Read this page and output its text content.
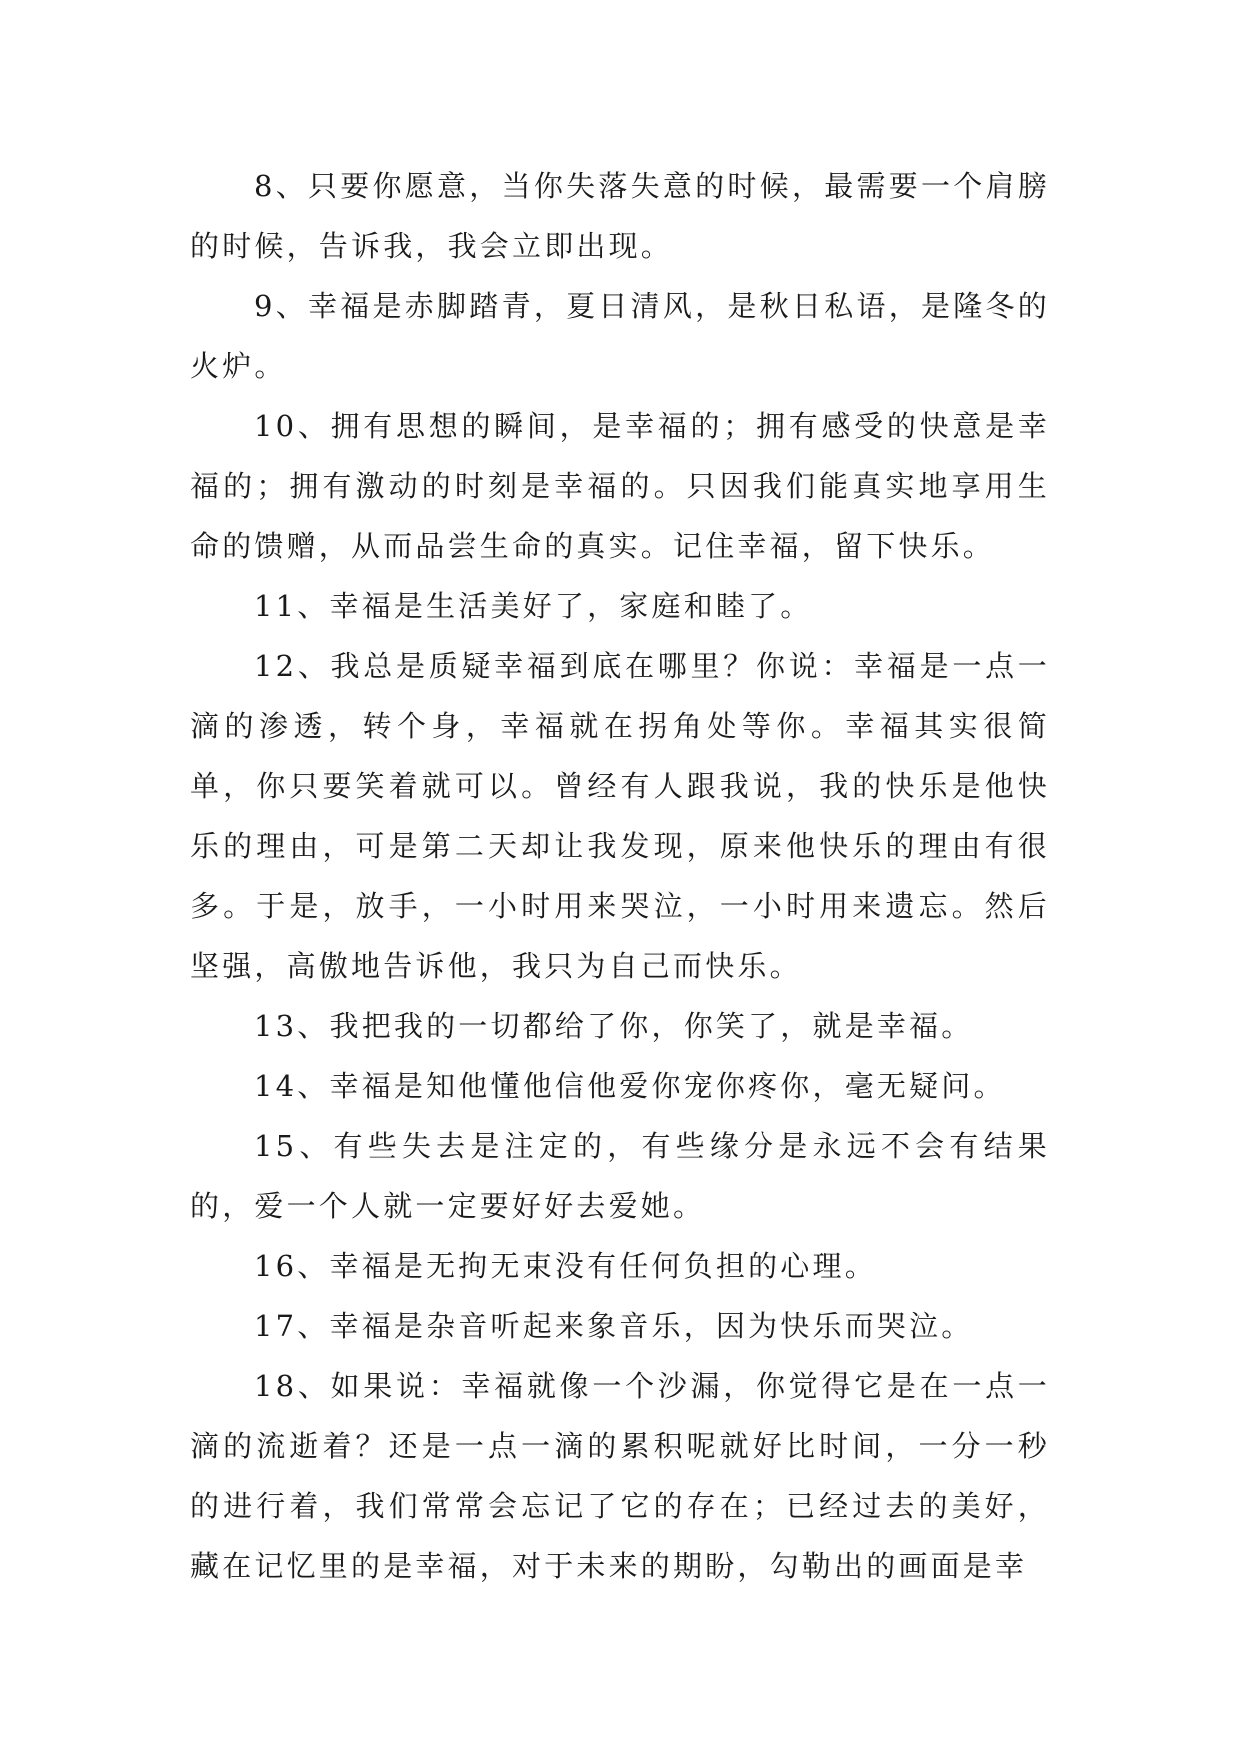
8、只要你愿意，当你失落失意的时候，最需要一个肩膀的时候，告诉我，我会立即出现。

9、幸福是赤脚踏青，夏日清风，是秋日私语，是隆冬的火炉。

10、拥有思想的瞬间，是幸福的；拥有感受的快意是幸福的；拥有激动的时刻是幸福的。只因我们能真实地享用生命的馈赠，从而品尝生命的真实。记住幸福，留下快乐。

11、幸福是生活美好了，家庭和睦了。

12、我总是质疑幸福到底在哪里？你说：幸福是一点一滴的渗透，转个身，幸福就在拐角处等你。幸福其实很简单，你只要笑着就可以。曾经有人跟我说，我的快乐是他快乐的理由，可是第二天却让我发现，原来他快乐的理由有很多。于是，放手，一小时用来哭泣，一小时用来遗忘。然后坚强，高傲地告诉他，我只为自己而快乐。

13、我把我的一切都给了你，你笑了，就是幸福。

14、幸福是知他懂他信他爱你宠你疼你，毫无疑问。

15、有些失去是注定的，有些缘分是永远不会有结果的，爱一个人就一定要好好去爱她。

16、幸福是无拘无束没有任何负担的心理。

17、幸福是杂音听起来象音乐，因为快乐而哭泣。

18、如果说：幸福就像一个沙漏，你觉得它是在一点一滴的流逝着？还是一点一滴的累积呢就好比时间，一分一秒的进行着，我们常常会忘记了它的存在；已经过去的美好，藏在记忆里的是幸福，对于未来的期盼，勾勒出的画面是幸
